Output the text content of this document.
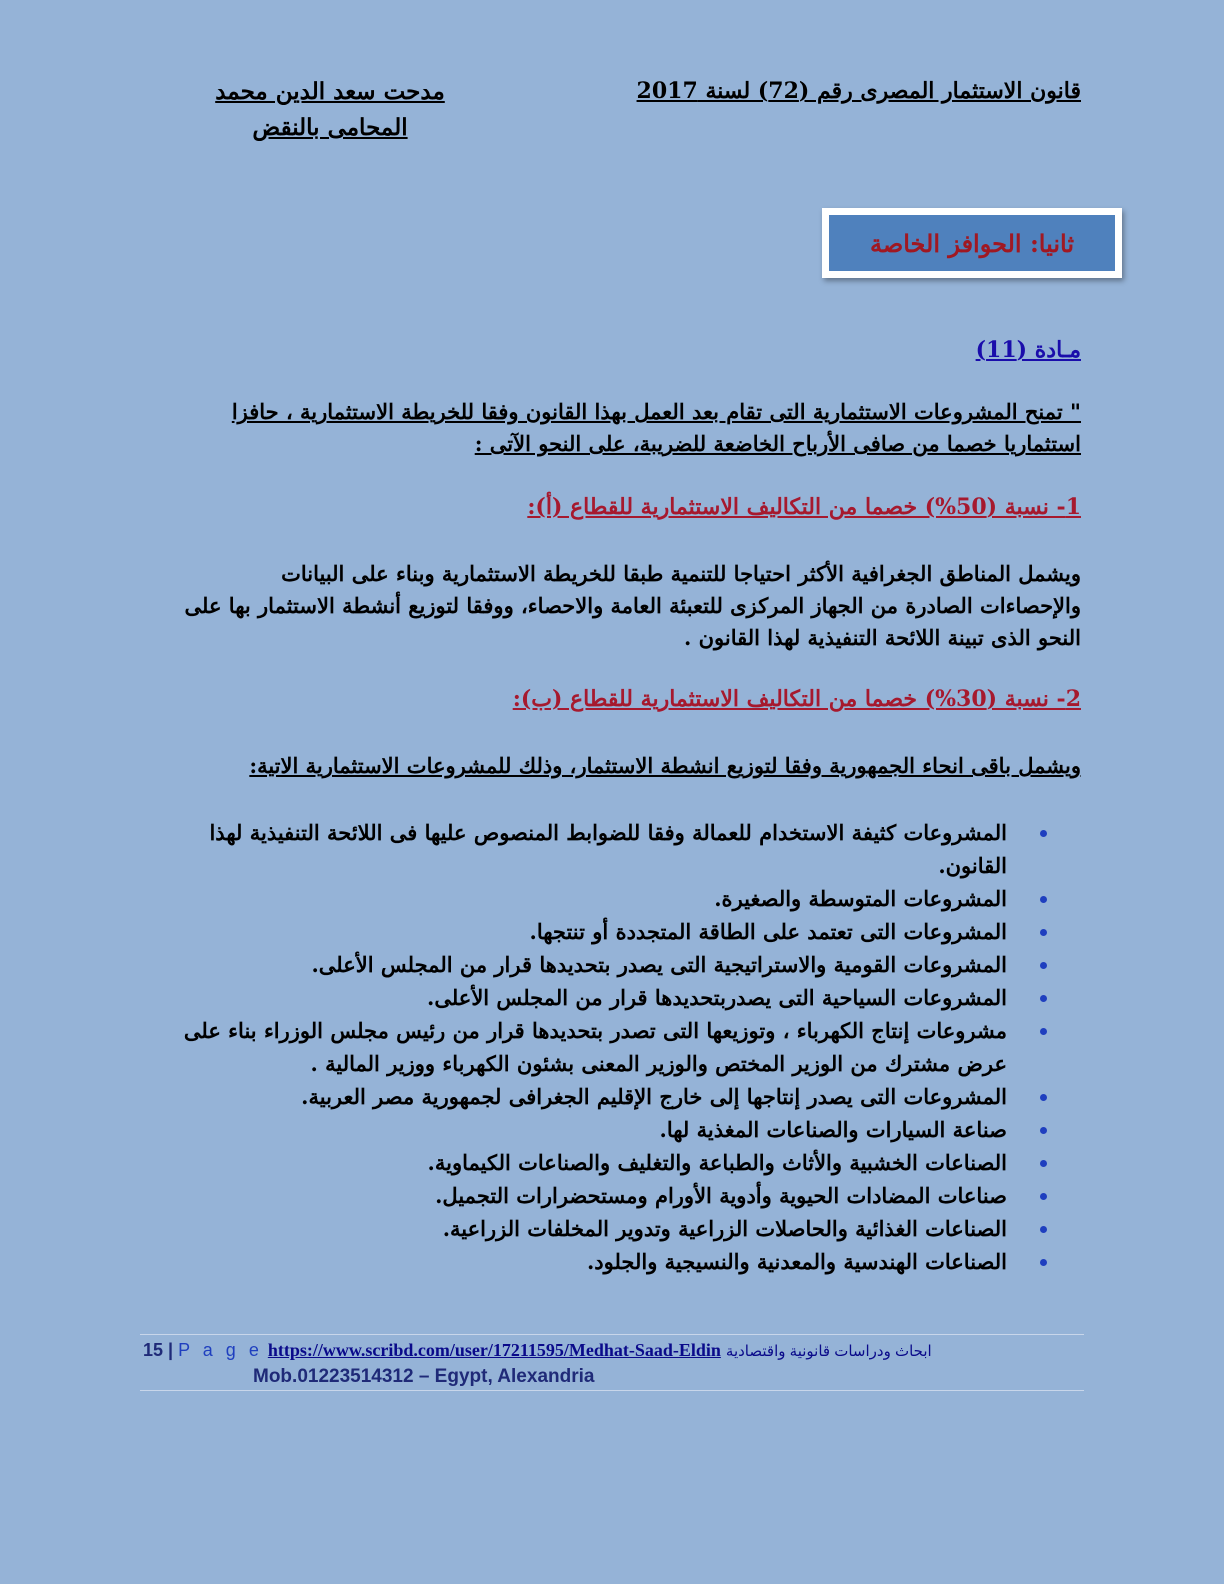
قانون الاستثمار المصرى رقم (72) لسنة 2017
مدحت سعد الدين محمد
المحامى بالنقض
ثانيا: الحوافز الخاصة
مـادة (11)
" تمنح المشروعات الاستثمارية التى تقام بعد العمل بهذا القانون وفقا للخريطة الاستثمارية ، حافزا استثماريا خصما من صافى الأرباح الخاضعة للضريبة، على النحو الآتى :
1- نسبة (50%) خصما من التكاليف الاستثمارية للقطاع (أ):
ويشمل المناطق الجغرافية الأكثر احتياجا للتنمية طبقا للخريطة الاستثمارية وبناء على البيانات والإحصاءات الصادرة من الجهاز المركزى للتعبئة العامة والاحصاء، ووفقا لتوزيع أنشطة الاستثمار بها على النحو الذى تبينة اللائحة التنفيذية لهذا القانون .
2- نسبة (30%) خصما من التكاليف الاستثمارية للقطاع (ب):
ويشمل باقى انحاء الجمهورية وفقا لتوزيع انشطة الاستثمار، وذلك للمشروعات الاستثمارية الاتية:
المشروعات كثيفة الاستخدام للعمالة وفقا للضوابط المنصوص عليها فى اللائحة التنفيذية لهذا القانون.
المشروعات المتوسطة والصغيرة.
المشروعات التى تعتمد على الطاقة المتجددة أو تنتجها.
المشروعات القومية والاستراتيجية التى يصدر بتحديدها قرار من المجلس الأعلى.
المشروعات السياحية التى يصدربتحديدها قرار من المجلس الأعلى.
مشروعات إنتاج الكهرباء ، وتوزيعها التى تصدر بتحديدها قرار من رئيس مجلس الوزراء بناء على عرض مشترك من الوزير المختص والوزير المعنى بشئون الكهرباء ووزير المالية .
المشروعات التى يصدر إنتاجها إلى خارج الإقليم الجغرافى لجمهورية مصر العربية.
صناعة السيارات والصناعات المغذية لها.
الصناعات الخشبية والأثاث والطباعة والتغليف والصناعات الكيماوية.
صناعات المضادات الحيوية وأدوية الأورام ومستحضرارات التجميل.
الصناعات الغذائية والحاصلات الزراعية وتدوير المخلفات الزراعية.
الصناعات الهندسية والمعدنية والنسيجية والجلود.
15 | P a g e https://www.scribd.com/user/17211595/Medhat-Saad-Eldin ابحاث ودراسات قانونية واقتصادية
Mob.01223514312 – Egypt, Alexandria
